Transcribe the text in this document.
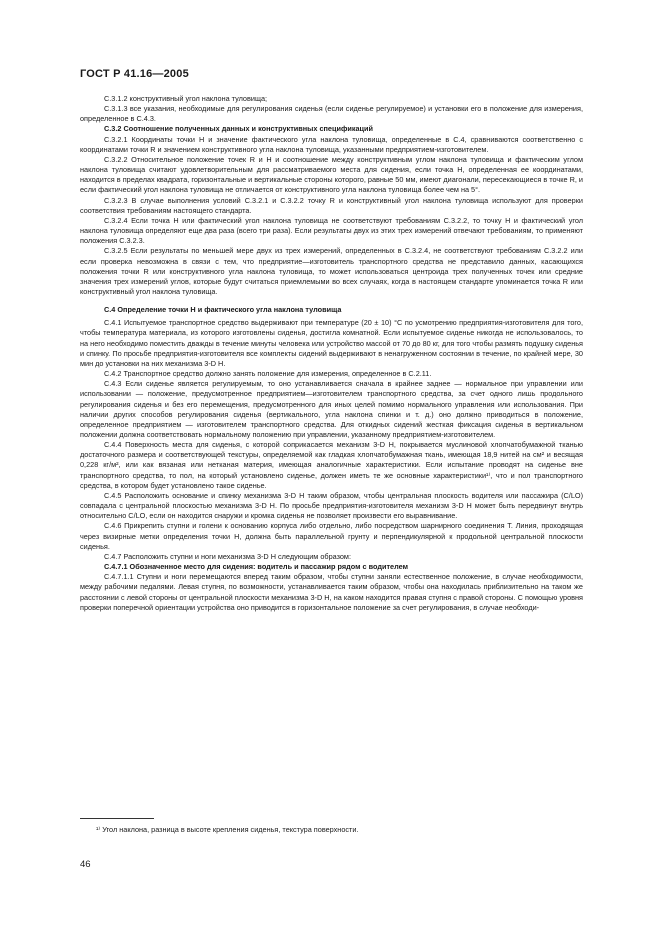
ГОСТ Р 41.16—2005

С.3.1.2 конструктивный угол наклона туловища;

С.3.1.3 все указания, необходимые для регулирования сиденья (если сиденье регулируемое) и установки его в положение для измерения, определенное в С.4.3.

С.3.2 Соотношение полученных данных и конструктивных спецификаций

С.3.2.1 Координаты точки H и значение фактического угла наклона туловища, определенные в С.4, сравниваются соответственно с координатами точки R и значением конструктивного угла наклона туловища, указанными предприятием-изготовителем.

С.3.2.2 Относительное положение точек R и H и соотношение между конструктивным углом наклона туловища и фактическим углом наклона туловища считают удовлетворительным для рассматриваемого места для сидения, если точка H, определенная ее координатами, находится в пределах квадрата, горизонтальные и вертикальные стороны которого, равные 50 мм, имеют диагонали, пересекающиеся в точке R, и если фактический угол наклона туловища не отличается от конструктивного угла наклона туловища более чем на 5°.

С.3.2.3 В случае выполнения условий С.3.2.1 и С.3.2.2 точку R и конструктивный угол наклона туловища используют для проверки соответствия требованиям настоящего стандарта.

С.3.2.4 Если точка H или фактический угол наклона туловища не соответствуют требованиям С.3.2.2, то точку H и фактический угол наклона туловища определяют еще два раза (всего три раза). Если результаты двух из этих трех измерений отвечают требованиям, то применяют положения С.3.2.3.

С.3.2.5 Если результаты по меньшей мере двух из трех измерений, определенных в С.3.2.4, не соответствуют требованиям С.3.2.2 или если проверка невозможна в связи с тем, что предприятие—изготовитель транспортного средства не представило данных, касающихся положения точки R или конструктивного угла наклона туловища, то может использоваться центроида трех полученных точек или средние значения трех измерений углов, которые будут считаться приемлемыми во всех случаях, когда в настоящем стандарте упоминается точка R или конструктивный угол наклона туловища.

С.4 Определение точки H и фактического угла наклона туловища

С.4.1 Испытуемое транспортное средство выдерживают при температуре (20 ± 10) °С по усмотрению предприятия-изготовителя для того, чтобы температура материала, из которого изготовлены сиденья, достигла комнатной. Если испытуемое сиденье никогда не использовалось, то на него необходимо поместить дважды в течение минуты человека или устройство массой от 70 до 80 кг, для того чтобы размять подушку сиденья и спинку. По просьбе предприятия-изготовителя все комплекты сидений выдерживают в ненагруженном состоянии в течение, по крайней мере, 30 мин до установки на них механизма 3-D H.

С.4.2 Транспортное средство должно занять положение для измерения, определенное в С.2.11.

С.4.3 Если сиденье является регулируемым, то оно устанавливается сначала в крайнее заднее — нормальное при управлении или использовании — положение, предусмотренное предприятием—изготовителем транспортного средства, за счет одного лишь продольного регулирования сиденья и без его перемещения, предусмотренного для иных целей помимо нормального управления или использования. При наличии других способов регулирования сиденья (вертикального, угла наклона спинки и т. д.) оно должно приводиться в положение, определенное предприятием — изготовителем транспортного средства. Для откидных сидений жесткая фиксация сиденья в вертикальном положении должна соответствовать нормальному положению при управлении, указанному предприятием-изготовителем.

С.4.4 Поверхность места для сиденья, с которой соприкасается механизм 3-D H, покрывается муслиновой хлопчатобумажной тканью достаточного размера и соответствующей текстуры, определяемой как гладкая хлопчатобумажная ткань, имеющая 18,9 нитей на см² и весящая 0,228 кг/м², или как вязаная или нетканая материя, имеющая аналогичные характеристики. Если испытание проводят на сиденье вне транспортного средства, то пол, на который установлено сиденье, должен иметь те же основные характеристики¹⁾, что и пол транспортного средства, в котором будет установлено такое сиденье.

С.4.5 Расположить основание и спинку механизма 3-D H таким образом, чтобы центральная плоскость водителя или пассажира (C/LO) совпадала с центральной плоскостью механизма 3-D H. По просьбе предприятия-изготовителя механизм 3-D H может быть передвинут внутрь относительно C/LO, если он находится снаружи и кромка сиденья не позволяет произвести его выравнивание.

С.4.6 Прикрепить ступни и голени к основанию корпуса либо отдельно, либо посредством шарнирного соединения T. Линия, проходящая через визирные метки определения точки H, должна быть параллельной грунту и перпендикулярной к продольной центральной плоскости сиденья.

С.4.7 Расположить ступни и ноги механизма 3-D H следующим образом:

С.4.7.1 Обозначенное место для сидения: водитель и пассажир рядом с водителем

С.4.7.1.1 Ступни и ноги перемещаются вперед таким образом, чтобы ступни заняли естественное положение, в случае необходимости, между рабочими педалями. Левая ступня, по возможности, устанавливается таким образом, чтобы она находилась приблизительно на таком же расстоянии с левой стороны от центральной плоскости механизма 3-D H, на каком находится правая ступня с правой стороны. С помощью уровня проверки поперечной ориентации устройства оно приводится в горизонтальное положение за счет регулирования, в случае необходи-

¹⁾ Угол наклона, разница в высоте крепления сиденья, текстура поверхности.
46
